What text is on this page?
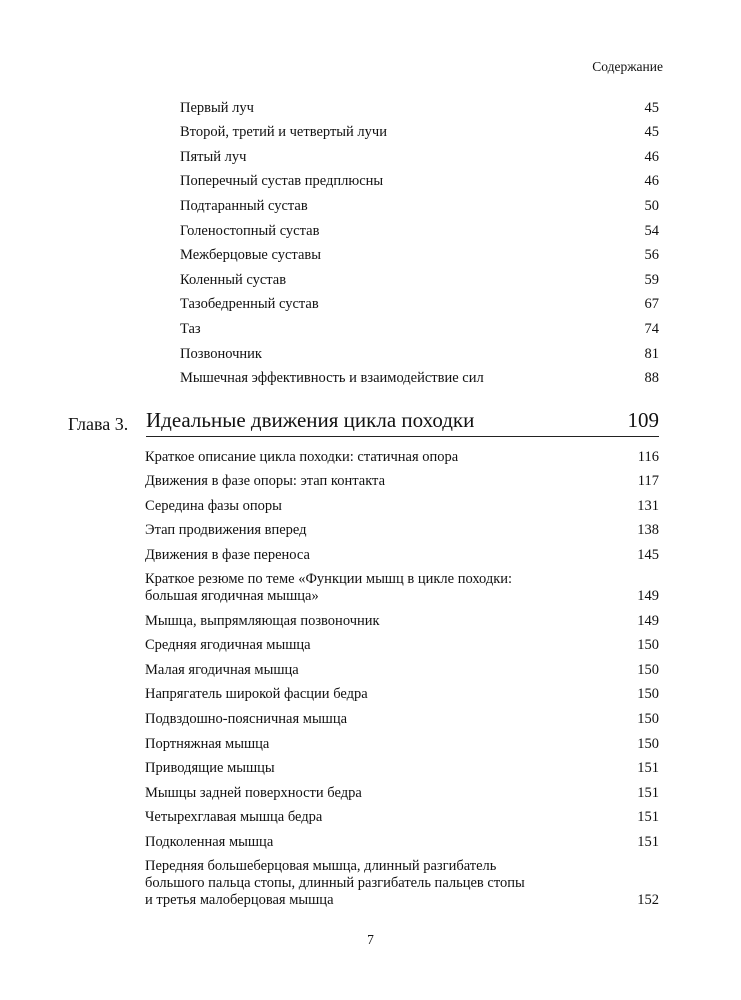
Содержание
Первый луч	45
Второй, третий и четвертый лучи	45
Пятый луч	46
Поперечный сустав предплюсны	46
Подтаранный сустав	50
Голеностопный сустав	54
Межберцовые суставы	56
Коленный сустав	59
Тазобедренный сустав	67
Таз	74
Позвоночник	81
Мышечная эффективность и взаимодействие сил	88
Глава 3. Идеальные движения цикла походки	109
Краткое описание цикла походки: статичная опора	116
Движения в фазе опоры: этап контакта	117
Середина фазы опоры	131
Этап продвижения вперед	138
Движения в фазе переноса	145
Краткое резюме по теме «Функции мышц в цикле походки:
большая ягодичная мышца»	149
Мышца, выпрямляющая позвоночник	149
Средняя ягодичная мышца	150
Малая ягодичная мышца	150
Напрягатель широкой фасции бедра	150
Подвздошно-поясничная мышца	150
Портняжная мышца	150
Приводящие мышцы	151
Мышцы задней поверхности бедра	151
Четырехглавая мышца бедра	151
Подколенная мышца	151
Передняя большеберцовая мышца, длинный разгибатель
большого пальца стопы, длинный разгибатель пальцев стопы
и третья малоберцовая мышца	152
7
